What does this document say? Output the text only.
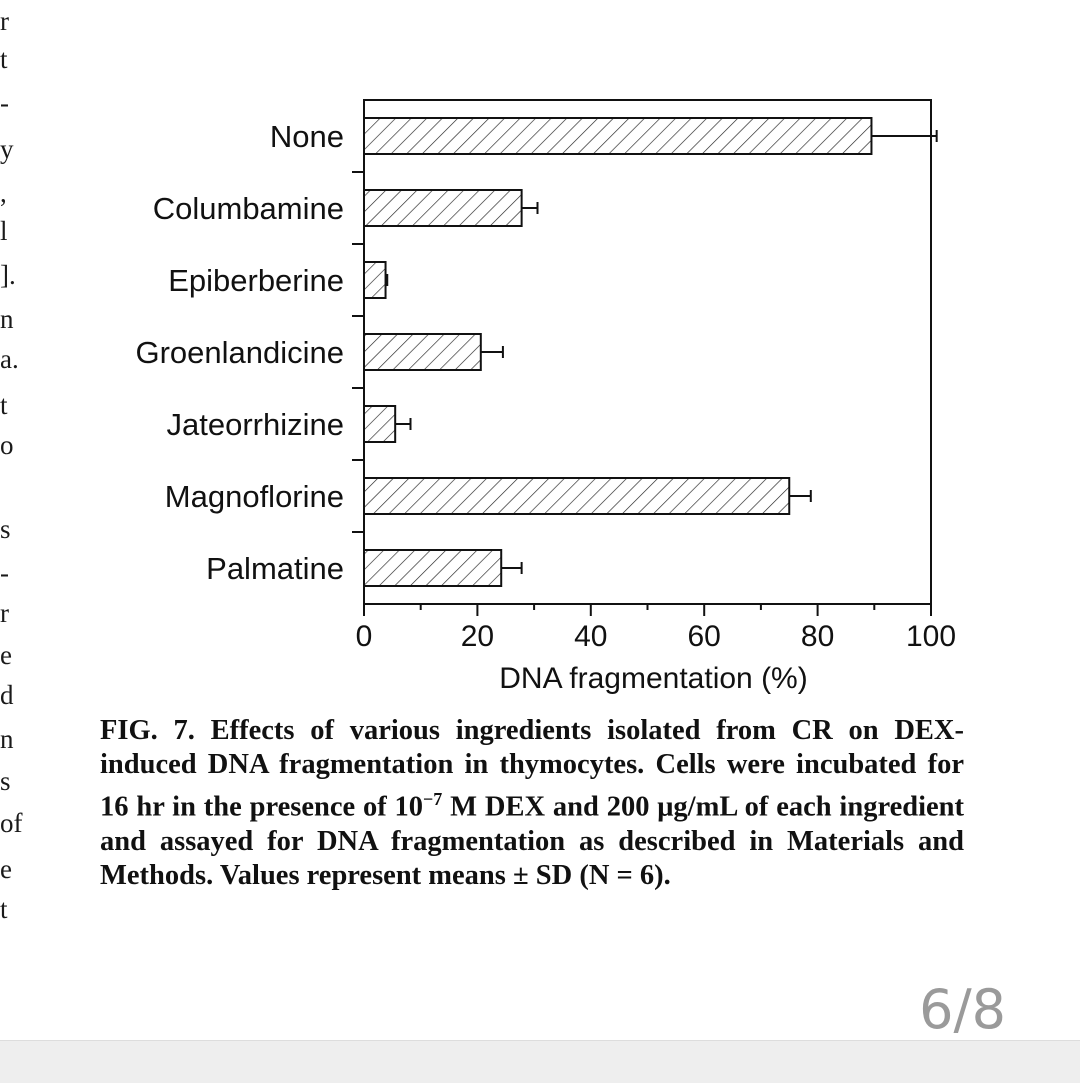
r
t
-
y
,
l
].
n
a.
t
o
s
-
r
e
d
n
s
of
e
t
0	20	40	60	80 100
DNA fragmentation (%)
None
Columbamine
Epiberberine
Groenlandicine
Jateorrhizine
Magnoflorine
Palmatine
FIG. 7. Effects of various ingredients isolated from CR on DEX-induced DNA fragmentation in thymocytes. Cells were incubated for 16 hr in the presence of $10^{-7}$ M DEX and 200 μg/mL of each ingredient and assayed for DNA fragmentation as described in Materials and Methods. Values represent means ± SD (N = 6).
6/8
